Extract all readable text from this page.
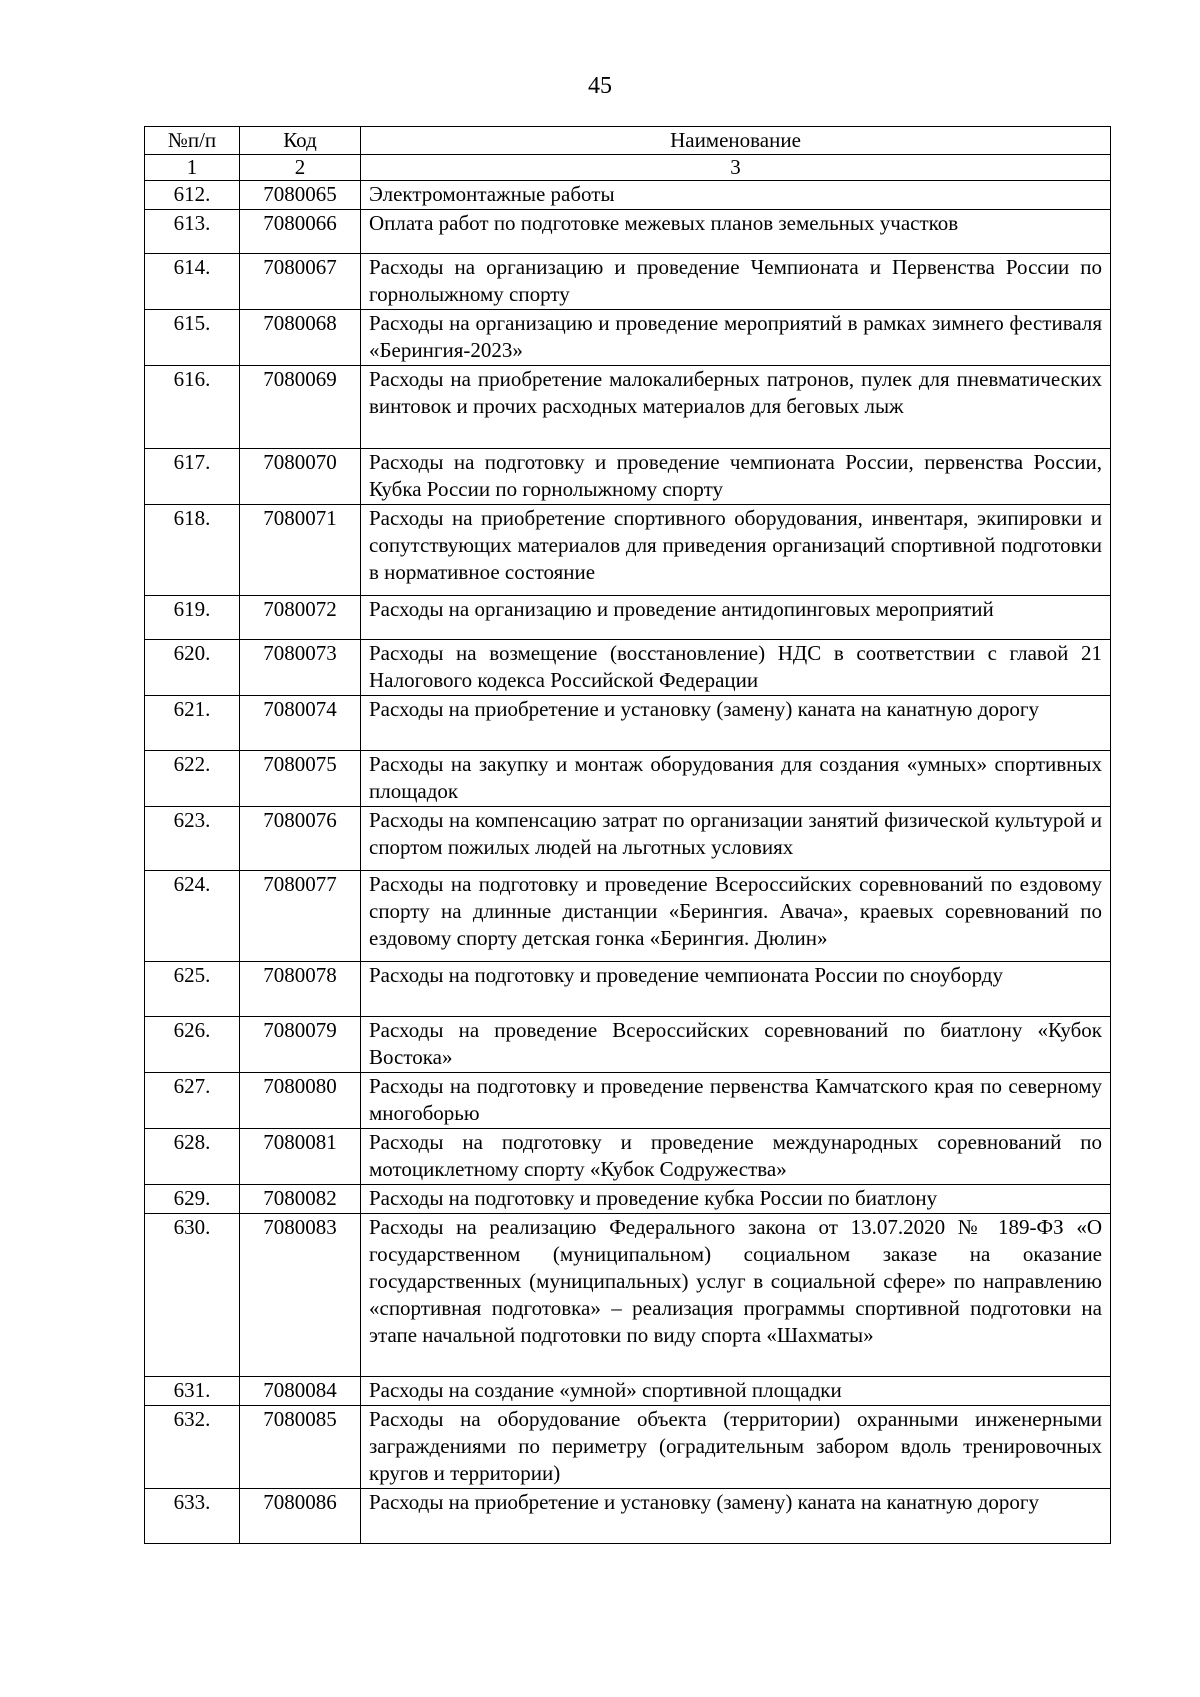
45
№п/п	Код	Наименование
1	2	3
612.	7080065	Электромонтажные работы
613.	7080066	Оплата работ по подготовке межевых планов земельных участков
614.	7080067	Расходы на организацию и проведение Чемпионата и Первенства России по горнолыжному спорту
615.	7080068	Расходы на организацию и проведение мероприятий в рамках зимнего фестиваля «Берингия-2023»
616.	7080069	Расходы на приобретение малокалиберных патронов, пулек для пневматических винтовок и прочих расходных материалов для беговых лыж
617.	7080070	Расходы на подготовку и проведение чемпионата России, первенства России, Кубка России по горнолыжному спорту
618.	7080071	Расходы на приобретение спортивного оборудования, инвентаря, экипировки и сопутствующих материалов для приведения организаций спортивной подготовки в нормативное состояние
619.	7080072	Расходы на организацию и проведение антидопинговых мероприятий
620.	7080073	Расходы на возмещение (восстановление) НДС в соответствии с главой 21 Налогового кодекса Российской Федерации
621.	7080074	Расходы на приобретение и установку (замену) каната на канатную дорогу
622.	7080075	Расходы на закупку и монтаж оборудования для создания «умных» спортивных площадок
623.	7080076	Расходы на компенсацию затрат по организации занятий физической культурой и спортом пожилых людей на льготных условиях
624.	7080077	Расходы на подготовку и проведение Всероссийских соревнований по ездовому спорту на длинные дистанции «Берингия. Авача», краевых соревнований по ездовому спорту детская гонка «Берингия. Дюлин»
625.	7080078	Расходы на подготовку и проведение чемпионата России по сноуборду
626.	7080079	Расходы на проведение Всероссийских соревнований по биатлону «Кубок Востока»
627.	7080080	Расходы на подготовку и проведение первенства Камчатского края по северному многоборью
628.	7080081	Расходы на подготовку и проведение международных соревнований по мотоциклетному спорту «Кубок Содружества»
629.	7080082	Расходы на подготовку и проведение кубка России по биатлону
630.	7080083	Расходы на реализацию Федерального закона от 13.07.2020 № 189-ФЗ «О государственном (муниципальном) социальном заказе на оказание государственных (муниципальных) услуг в социальной сфере» по направлению «спортивная подготовка» – реализация программы спортивной подготовки на этапе начальной подготовки по виду спорта «Шахматы»
631.	7080084	Расходы на создание «умной» спортивной площадки
632.	7080085	Расходы на оборудование объекта (территории) охранными инженерными заграждениями по периметру (оградительным забором вдоль тренировочных кругов и территории)
633.	7080086	Расходы на приобретение и установку (замену) каната на канатную дорогу
